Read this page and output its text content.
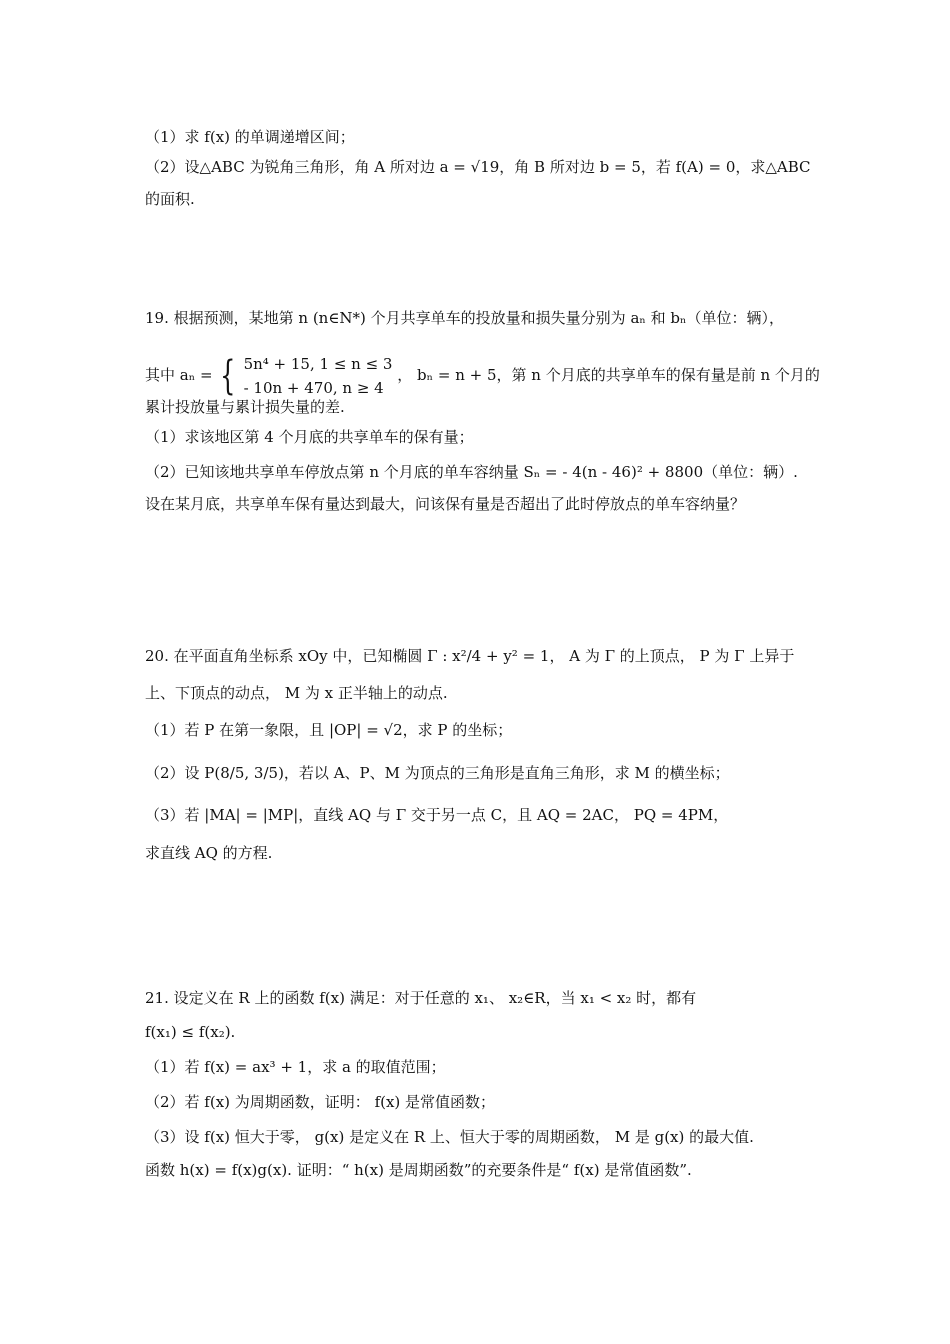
（1）求 f(x) 的单调递增区间；
（2）设△ABC 为锐角三角形，角 A 所对边 a = √19，角 B 所对边 b = 5，若 f(A) = 0，求△ABC
的面积.
19. 根据预测，某地第 n (n∈N*) 个月共享单车的投放量和损失量分别为 aₙ 和 bₙ（单位：辆），
其中 aₙ = { 5n⁴ + 15, 1 ≤ n ≤ 3
- 10n + 470, n ≥ 4
， bₙ = n + 5，第 n 个月底的共享单车的保有量是前 n 个月的
累计投放量与累计损失量的差.
（1）求该地区第 4 个月底的共享单车的保有量；
（2）已知该地共享单车停放点第 n 个月底的单车容纳量 Sₙ = - 4(n - 46)² + 8800（单位：辆）.
设在某月底，共享单车保有量达到最大，问该保有量是否超出了此时停放点的单车容纳量？
20. 在平面直角坐标系 xOy 中，已知椭圆 Γ : x²/4 + y² = 1， A 为 Γ 的上顶点， P 为 Γ 上异于
上、下顶点的动点， M 为 x 正半轴上的动点.
（1）若 P 在第一象限，且 |OP| = √2，求 P 的坐标；
（2）设 P(8/5, 3/5)，若以 A、P、M 为顶点的三角形是直角三角形，求 M 的横坐标；
（3）若 |MA| = |MP|，直线 AQ 与 Γ 交于另一点 C，且 AQ = 2AC， PQ = 4PM，
求直线 AQ 的方程.
21. 设定义在 R 上的函数 f(x) 满足：对于任意的 x₁、 x₂∈R，当 x₁ < x₂ 时，都有
f(x₁) ≤ f(x₂).
（1）若 f(x) = ax³ + 1，求 a 的取值范围；
（2）若 f(x) 为周期函数，证明： f(x) 是常值函数；
（3）设 f(x) 恒大于零， g(x) 是定义在 R 上、恒大于零的周期函数， M 是 g(x) 的最大值.
函数 h(x) = f(x)g(x). 证明：“ h(x) 是周期函数”的充要条件是“ f(x) 是常值函数”.
